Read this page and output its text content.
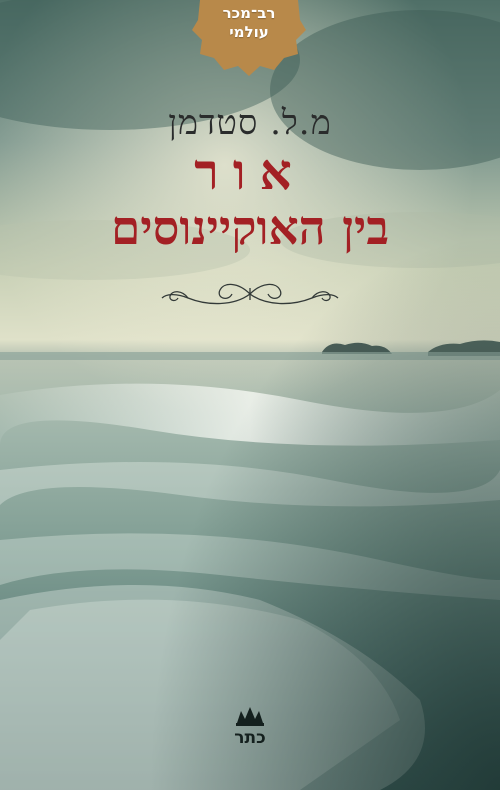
רב־מכר
עולמי
מ.ל. סטדמן
אור
בין האוקיינוסים
כתר
